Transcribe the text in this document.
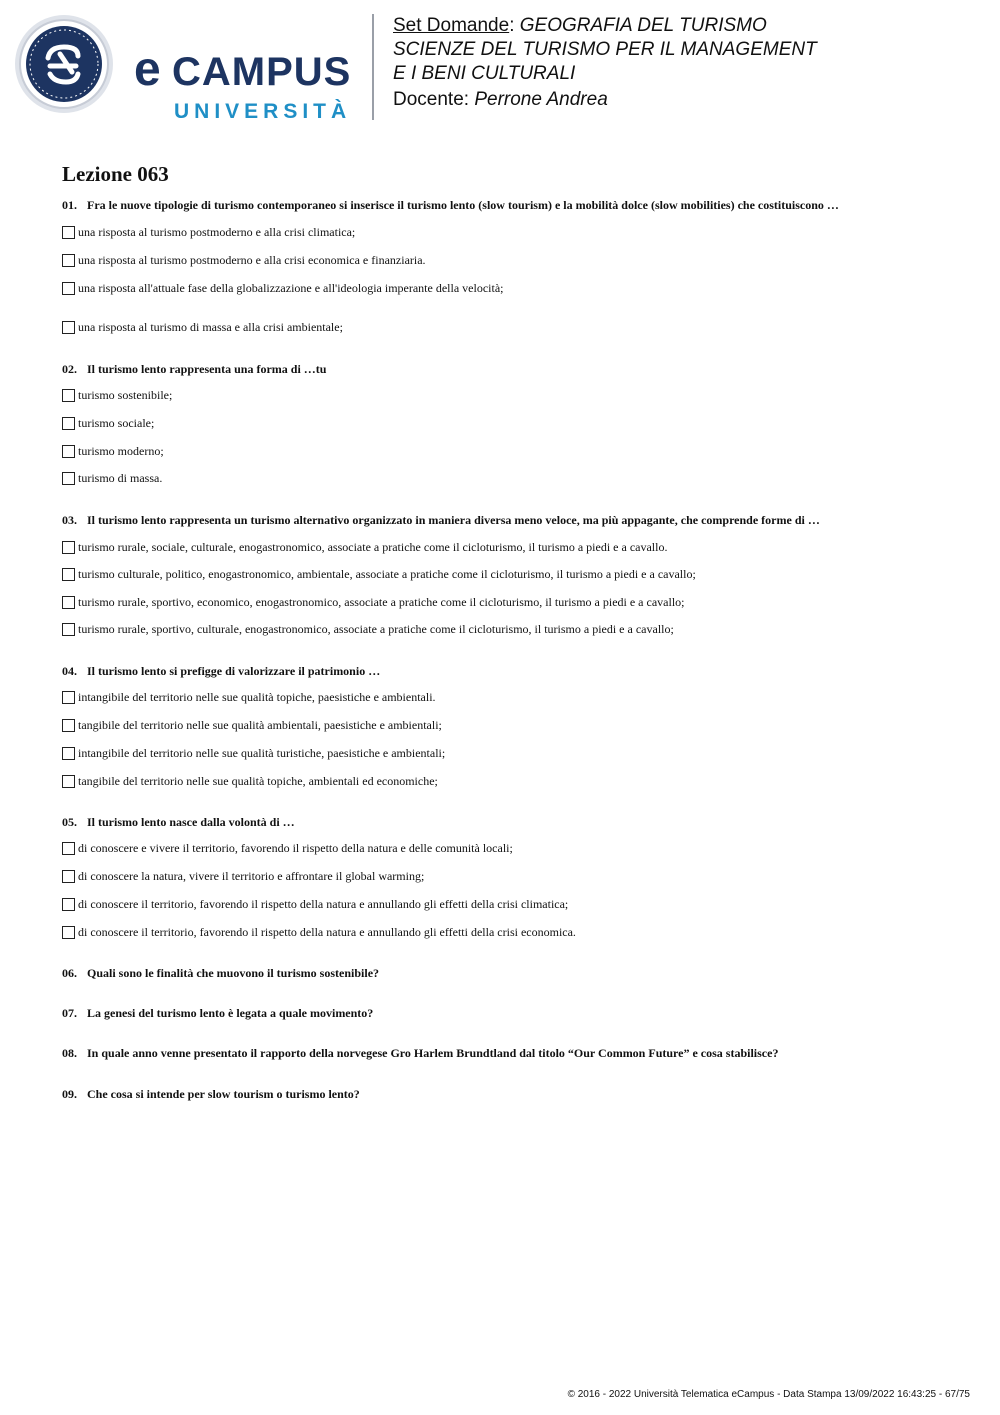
e CAMPUS
UNIVERSITÀ
Set Domande: GEOGRAFIA DEL TURISMO
SCIENZE DEL TURISMO PER IL MANAGEMENT
E I BENI CULTURALI
Docente: Perrone Andrea
Lezione 063
01. Fra le nuove tipologie di turismo contemporaneo si inserisce il turismo lento (slow tourism) e la mobilità dolce (slow mobilities) che costituiscono …
una risposta al turismo postmoderno e alla crisi climatica;
una risposta al turismo postmoderno e alla crisi economica e finanziaria.
una risposta all'attuale fase della globalizzazione e all'ideologia imperante della velocità;
una risposta al turismo di massa e alla crisi ambientale;
02. Il turismo lento rappresenta una forma di …tu
turismo sostenibile;
turismo sociale;
turismo moderno;
turismo di massa.
03. Il turismo lento rappresenta un turismo alternativo organizzato in maniera diversa meno veloce, ma più appagante, che comprende forme di …
turismo rurale, sociale, culturale, enogastronomico, associate a pratiche come il cicloturismo, il turismo a piedi e a cavallo.
turismo culturale, politico, enogastronomico, ambientale, associate a pratiche come il cicloturismo, il turismo a piedi e a cavallo;
turismo rurale, sportivo, economico, enogastronomico, associate a pratiche come il cicloturismo, il turismo a piedi e a cavallo;
turismo rurale, sportivo, culturale, enogastronomico, associate a pratiche come il cicloturismo, il turismo a piedi e a cavallo;
04. Il turismo lento si prefigge di valorizzare il patrimonio …
intangibile del territorio nelle sue qualità topiche, paesistiche e ambientali.
tangibile del territorio nelle sue qualità ambientali, paesistiche e ambientali;
intangibile del territorio nelle sue qualità turistiche, paesistiche e ambientali;
tangibile del territorio nelle sue qualità topiche, ambientali ed economiche;
05. Il turismo lento nasce dalla volontà di …
di conoscere e vivere il territorio, favorendo il rispetto della natura e delle comunità locali;
di conoscere la natura, vivere il territorio e affrontare il global warming;
di conoscere il territorio, favorendo il rispetto della natura e annullando gli effetti della crisi climatica;
di conoscere il territorio, favorendo il rispetto della natura e annullando gli effetti della crisi economica.
06. Quali sono le finalità che muovono il turismo sostenibile?
07. La genesi del turismo lento è legata a quale movimento?
08. In quale anno venne presentato il rapporto della norvegese Gro Harlem Brundtland dal titolo “Our Common Future” e cosa stabilisce?
09. Che cosa si intende per slow tourism o turismo lento?
© 2016 - 2022 Università Telematica eCampus - Data Stampa 13/09/2022 16:43:25 - 67/75
